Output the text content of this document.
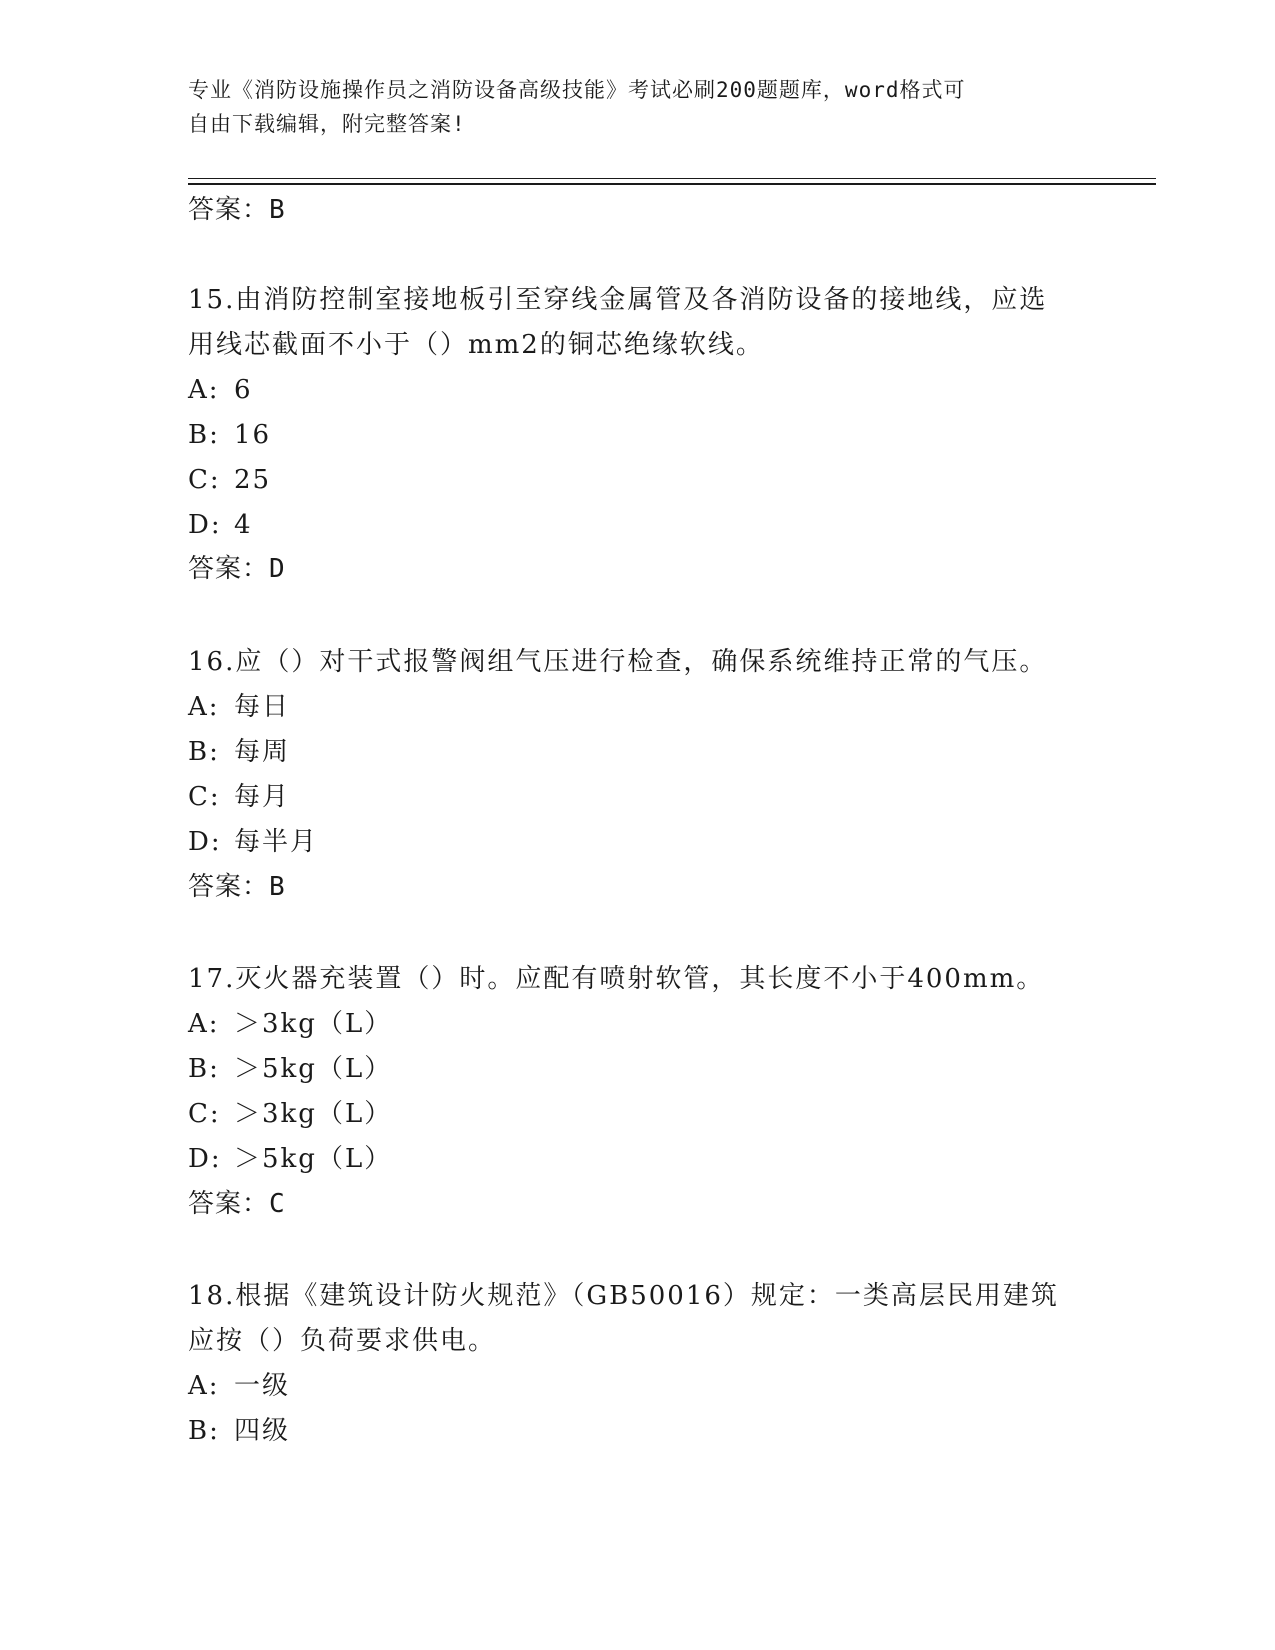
专业《消防设施操作员之消防设备高级技能》考试必刷200题题库，word格式可
自由下载编辑，附完整答案!
答案：B
15.由消防控制室接地板引至穿线金属管及各消防设备的接地线，应选
用线芯截面不小于（）mm2的铜芯绝缘软线。
A: 6
B: 16
C: 25
D: 4
答案：D
16.应（）对干式报警阀组气压进行检查，确保系统维持正常的气压。
A: 每日
B: 每周
C: 每月
D: 每半月
答案：B
17.灭火器充装置（）时。应配有喷射软管，其长度不小于400mm。
A: ＞3kg（L）
B: ＞5kg（L）
C: ＞3kg（L）
D: ＞5kg（L）
答案：C
18.根据《建筑设计防火规范》（GB50016）规定：一类高层民用建筑
应按（）负荷要求供电。
A: 一级
B: 四级
